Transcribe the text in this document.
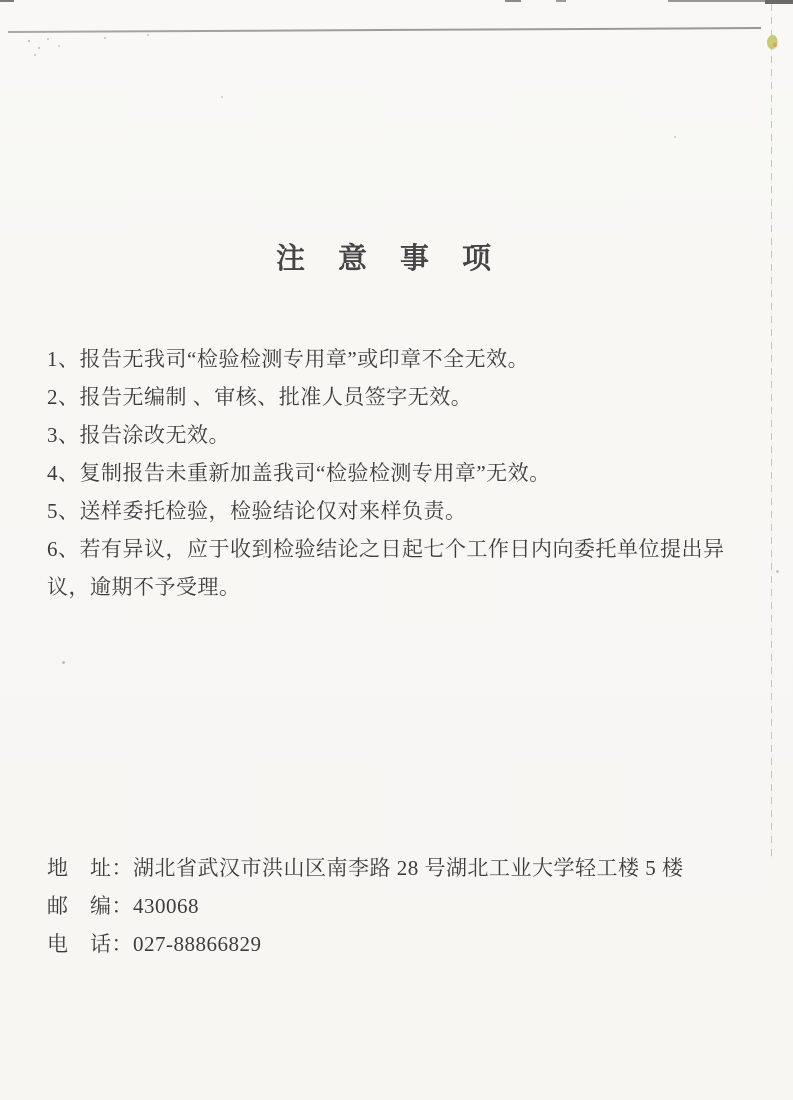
注　意　事　项
1、报告无我司“检验检测专用章”或印章不全无效。
2、报告无编制 、审核、批准人员签字无效。
3、报告涂改无效。
4、复制报告未重新加盖我司“检验检测专用章”无效。
5、送样委托检验，检验结论仅对来样负责。
6、若有异议，应于收到检验结论之日起七个工作日内向委托单位提出异议，逾期不予受理。
地　址：湖北省武汉市洪山区南李路 28 号湖北工业大学轻工楼 5 楼
邮　编：430068
电　话：027-88866829
